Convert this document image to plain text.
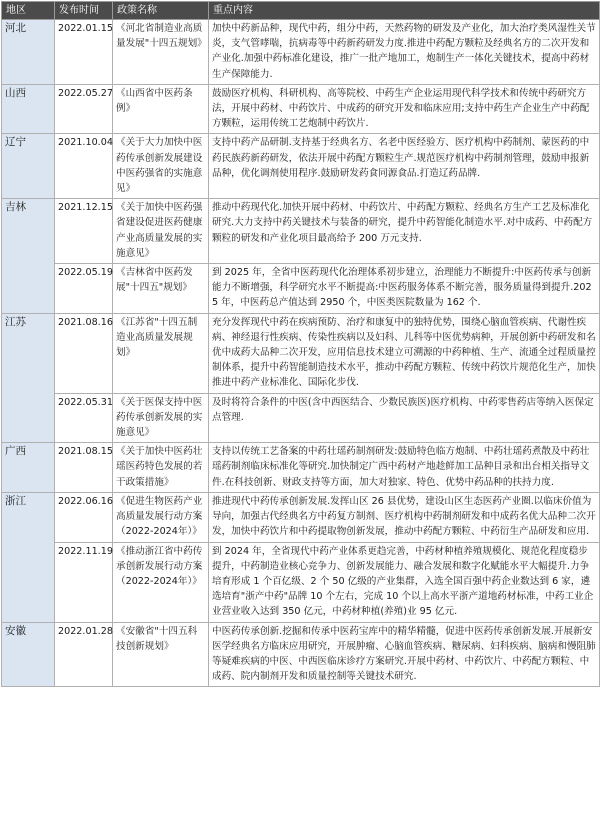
地区	发布时间	政策名称	重点内容
河北	2022.01.15	《河北省制造业高质量发展"十四五规划》	加快中药新品种，现代中药，组分中药，天然药物的研发及产业化，加大治疗类风湿性关节炎，支气管哮喘，抗病毒等中药新药研发力度.推进中药配方颗粒及经典名方的二次开发和产业化.加强中药标准化建设，推广一批产地加工，炮制生产一体化关键技术，提高中药材生产保障能力.
山西	2022.05.27	《山西省中医药条例》	鼓励医疗机构、科研机构、高等院校、中药生产企业运用现代科学技术和传统中药研究方法，开展中药材、中药饮片、中成药的研究开发和临床应用;支持中药生产企业生产中药配方颗粒，运用传统工艺炮制中药饮片.
辽宁	2021.10.04	《关于大力加快中医药传承创新发展建设中医药强省的实施意见》	支持中药产品研制.支持基于经典名方、名老中医经验方、医疗机构中药制剂、蒙医药的中药民族药新药研发，依法开展中药配方颗粒生产.规范医疗机构中药制剂管理，鼓励申报新品种，优化调剂使用程序.鼓励研发药食同源食品.打造辽药品牌.
吉林	2021.12.15	《关于加快中医药强省建设促进医药健康产业高质量发展的实施意见》	推动中药现代化.加快开展中药材、中药饮片、中药配方颗粒、经典名方生产工艺及标准化研究.大力支持中药关键技术与装备的研究，提升中药智能化制造水平.对中成药、中药配方颗粒的研发和产业化项目最高给予 200 万元支持.
	2022.05.19	《吉林省中医药发展"十四五"规划》	到 2025 年，全省中医药现代化治理体系初步建立，治理能力不断提升:中医药传承与创新能力不断增强，科学研究水平不断提高:中医药服务体系不断完善，服务质量得到提升.2025 年，中医药总产值达到 2950 个，中医类医院数量为 162 个.
江苏	2021.08.16	《江苏省"十四五制造业高质量发展规划》	充分发挥现代中药在疾病预防、治疗和康复中的独特优势，围绕心脑血管疾病、代谢性疾病、神经退行性疾病、传染性疾病以及妇科、儿科等中医优势病种，开展创新中药研发和名优中成药大品种二次开发，应用信息技术建立可溯源的中药种植、生产、流通全过程质量控制体系，提升中药智能制造技术水平，推动中药配方颗粒、传统中药饮片规范化生产，加快推进中药产业标准化、国际化步伐.
	2022.05.31	《关于医保支持中医药传承创新发展的实施意见》	及时将符合条件的中医(含中西医结合、少数民族医)医疗机构、中药零售药店等纳入医保定点管理.
广西	2021.08.15	《关于加快中医药壮瑶医药特色发展的若干政策措施》	支持以传统工艺备案的中药壮瑶药制剂研发:鼓励特色临方炮制、中药壮瑶药煮散及中药壮瑶药制剂临床标准化等研究.加快制定广西中药材产地趁鲜加工品种目录和出台相关指导文件.在科技创新、财政支持等方面，加大对独家、特色、优势中药品种的扶持力度.
浙江	2022.06.16	《促进生物医药产业高质量发展行动方案（2022-2024年）》	推进现代中药传承创新发展.发挥山区 26 县优势，建设山区生态医药产业圈.以临床价值为导向，加强古代经典名方中药复方制剂、医疗机构中药制剂研发和中成药名优大品种二次开发，加快中药饮片和中药提取物创新发展，推动中药配方颗粒、中药衍生产品研发和应用.
	2022.11.19	《推动浙江省中药传承创新发展行动方案（2022-2024年）》	到 2024 年，全省现代中药产业体系更趋完善，中药材种植养殖规模化、规范化程度稳步提升，中药制造业核心竞争力、创新发展能力、融合发展和数字化赋能水平大幅提升.力争培育形成 1 个百亿级、2 个 50 亿级的产业集群，入选全国百强中药企业数达到 6 家，遴选培育"浙产中药"品牌 10 个左右，完成 10 个以上高水平浙产道地药材标准，中药工业企业营业收入达到 350 亿元，中药材种植(养殖)业 95 亿元.
安徽	2022.01.28	《安徽省"十四五科技创新规划》	中医药传承创新.挖掘和传承中医药宝库中的精华精髓，促进中医药传承创新发展.开展新安医学经典名方临床应用研究，开展肿瘤、心脑血管疾病、糖尿病、妇科疾病、脑病和慢阻肺等疑难疾病的中医、中西医临床诊疗方案研究.开展中药材、中药饮片、中药配方颗粒、中成药、院内制剂开发和质量控制等关键技术研究.
